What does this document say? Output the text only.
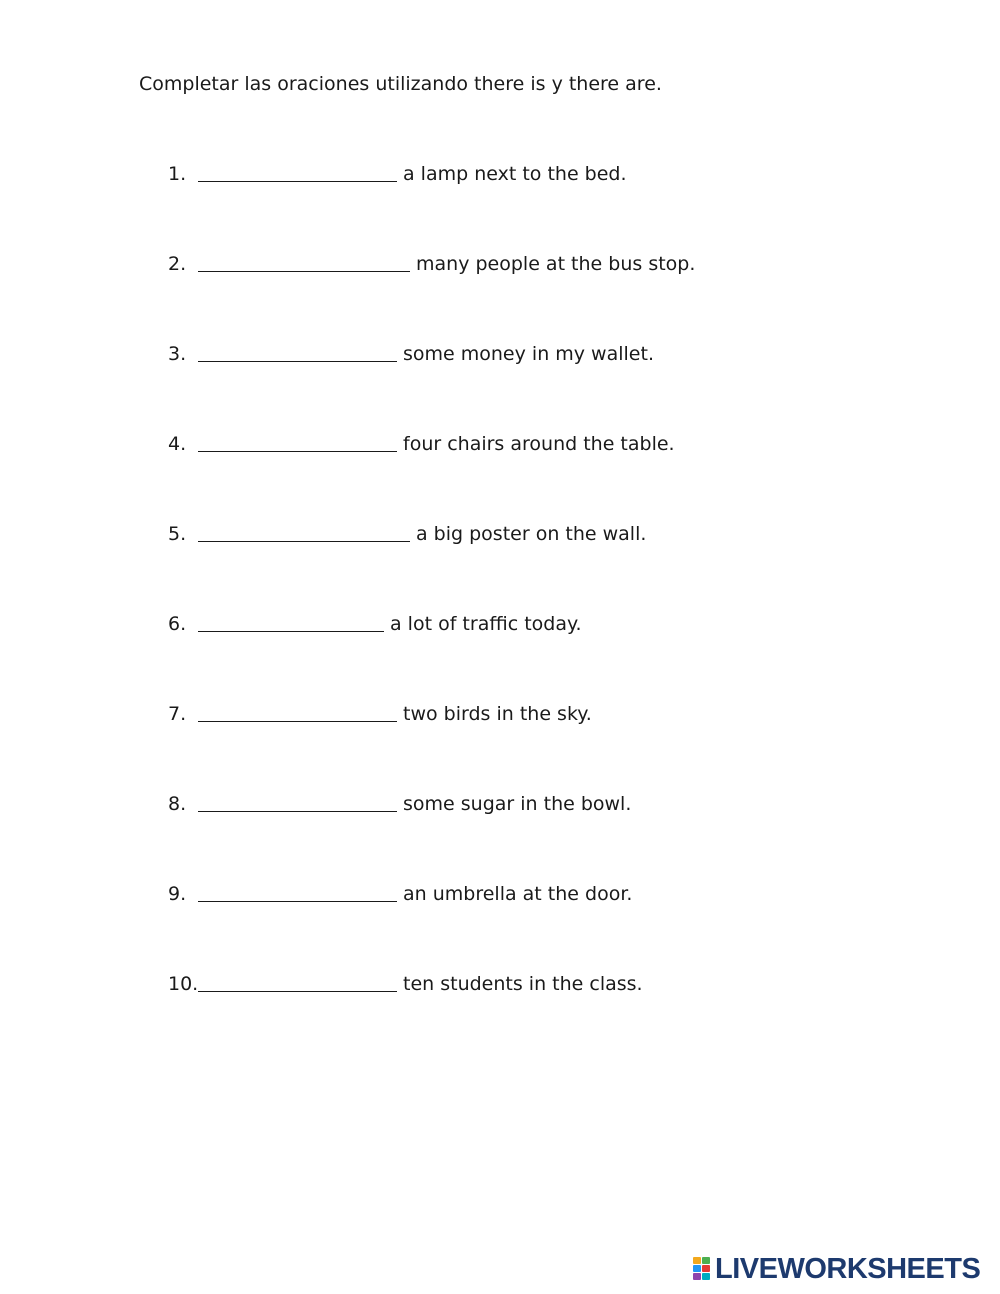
Completar las oraciones utilizando there is y there are.
1.	a lamp next to the bed.
2.	many people at the bus stop.
3.	some money in my wallet.
4.	four chairs around the table.
5.	a big poster on the wall.
6.	a lot of traffic today.
7.	two birds in the sky.
8.	some sugar in the bowl.
9.	an umbrella at the door.
10.	ten students in the class.
LIVEWORKSHEETS
